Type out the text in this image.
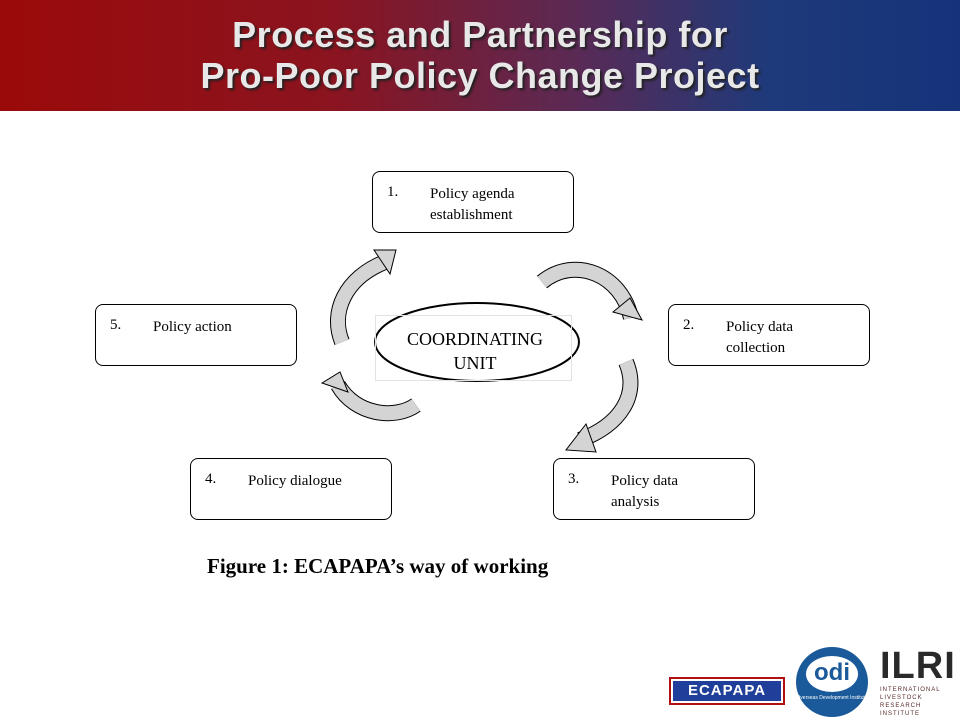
Process and Partnership for
Pro-Poor Policy Change Project
COORDINATING
UNIT
1. Policy agenda
establishment
2. Policy data
collection
3. Policy data
analysis
4. Policy dialogue
5. Policy action
Figure 1: ECAPAPA’s way of working
ECAPAPA
odi
Overseas Development Institute
ILRI
INTERNATIONAL
LIVESTOCK RESEARCH
INSTITUTE
